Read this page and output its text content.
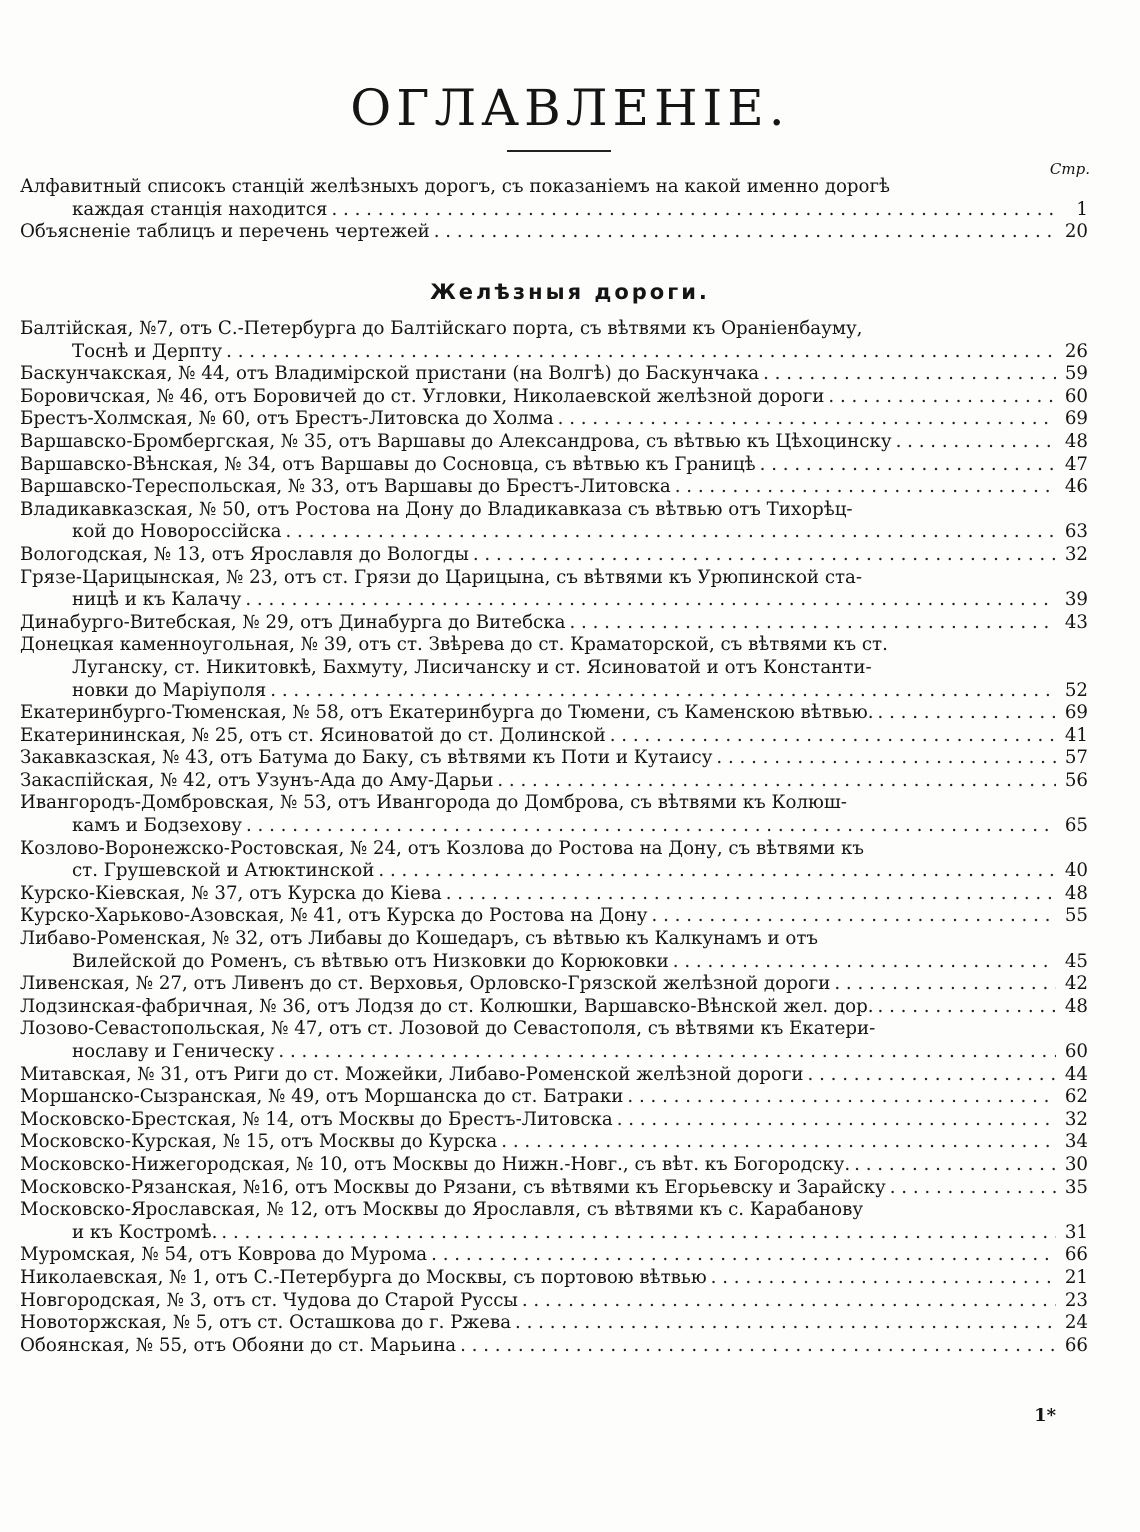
ОГЛАВЛЕНІЕ.
Стр.
Алфавитный списокъ станцій желѣзныхъ дорогъ, съ показаніемъ на какой именно дорогѣ
каждая станція находится . . .	1
Объясненіе таблицъ и перечень чертежей . . .	20
Желѣзныя дороги.
Балтійская, №7, отъ С.-Петербурга до Балтійскаго порта, съ вѣтвями къ Ораніенбауму,
Тоснѣ и Дерпту . . .	26
Баскунчакская, № 44, отъ Владимірской пристани (на Волгѣ) до Баскунчака . . .	59
Боровичская, № 46, отъ Боровичей до ст. Угловки, Николаевской желѣзной дороги . . .	60
Брестъ-Холмская, № 60, отъ Брестъ-Литовска до Холма . . .	69
Варшавско-Бромбергская, № 35, отъ Варшавы до Александрова, съ вѣтвью къ Цѣхоцинску . . .	48
Варшавско-Вѣнская, № 34, отъ Варшавы до Сосновца, съ вѣтвью къ Границѣ . . .	47
Варшавско-Тереспольская, № 33, отъ Варшавы до Брестъ-Литовска . . .	46
Владикавказская, № 50, отъ Ростова на Дону до Владикавказа съ вѣтвью отъ Тихорѣц-
кой до Новороссійска . . .	63
Вологодская, № 13, отъ Ярославля до Вологды . . .	32
Грязе-Царицынская, № 23, отъ ст. Грязи до Царицына, съ вѣтвями къ Урюпинской ста-
ницѣ и къ Калачу . . .	39
Динабурго-Витебская, № 29, отъ Динабурга до Витебска . . .	43
Донецкая каменноугольная, № 39, отъ ст. Звѣрева до ст. Краматорской, съ вѣтвями къ ст.
Луганску, ст. Никитовкѣ, Бахмуту, Лисичанску и ст. Ясиноватой и отъ Константи-
новки до Маріуполя . . .	52
Екатеринбурго-Тюменская, № 58, отъ Екатеринбурга до Тюмени, съ Каменскою вѣтвью. . . .	69
Екатерининская, № 25, отъ ст. Ясиноватой до ст. Долинской . . .	41
Закавказская, № 43, отъ Батума до Баку, съ вѣтвями къ Поти и Кутаису . . .	57
Закаспійская, № 42, отъ Узунъ-Ада до Аму-Дарьи . . .	56
Ивангородъ-Домбровская, № 53, отъ Ивангорода до Домброва, съ вѣтвями къ Колюш-
камъ и Бодзехову . . .	65
Козлово-Воронежско-Ростовская, № 24, отъ Козлова до Ростова на Дону, съ вѣтвями къ
ст. Грушевской и Атюктинской . . .	40
Курско-Кіевская, № 37, отъ Курска до Кіева . . .	48
Курско-Харьково-Азовская, № 41, отъ Курска до Ростова на Дону . . .	55
Либаво-Роменская, № 32, отъ Либавы до Кошедаръ, съ вѣтвью къ Калкунамъ и отъ
Вилейской до Роменъ, съ вѣтвью отъ Низковки до Корюковки . . .	45
Ливенская, № 27, отъ Ливенъ до ст. Верховья, Орловско-Грязской желѣзной дороги . . .	42
Лодзинская-фабричная, № 36, отъ Лодзя до ст. Колюшки, Варшавско-Вѣнской жел. дор. . . .	48
Лозово-Севастопольская, № 47, отъ ст. Лозовой до Севастополя, съ вѣтвями къ Екатери-
нославу и Геническу . . .	60
Митавская, № 31, отъ Риги до ст. Можейки, Либаво-Роменской желѣзной дороги . . .	44
Моршанско-Сызранская, № 49, отъ Моршанска до ст. Батраки . . .	62
Московско-Брестская, № 14, отъ Москвы до Брестъ-Литовска . . .	32
Московско-Курская, № 15, отъ Москвы до Курска . . .	34
Московско-Нижегородская, № 10, отъ Москвы до Нижн.-Новг., съ вѣт. къ Богородску. . . .	30
Московско-Рязанская, №16, отъ Москвы до Рязани, съ вѣтвями къ Егорьевску и Зарайску . . .	35
Московско-Ярославская, № 12, отъ Москвы до Ярославля, съ вѣтвями къ с. Карабанову
и къ Костромѣ. . . .	31
Муромская, № 54, отъ Коврова до Мурома . . .	66
Николаевская, № 1, отъ С.-Петербурга до Москвы, съ портовою вѣтвью . . .	21
Новгородская, № 3, отъ ст. Чудова до Старой Руссы . . .	23
Новоторжская, № 5, отъ ст. Осташкова до г. Ржева . . .	24
Обоянская, № 55, отъ Обояни до ст. Марьина . . .	66
1*
